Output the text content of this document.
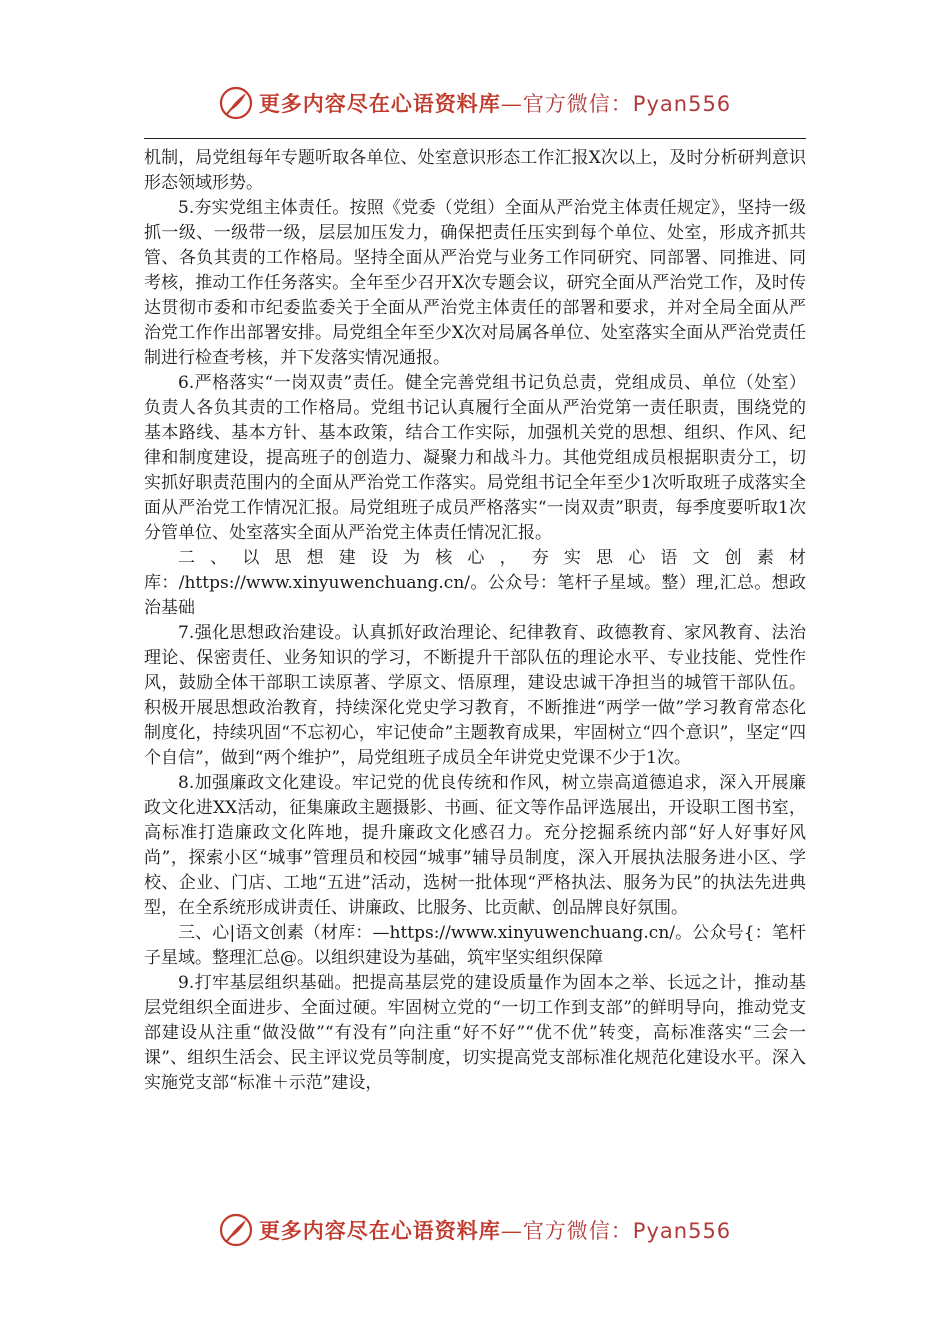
更多内容尽在心语资料库—官方微信：Pyan556

机制，局党组每年专题听取各单位、处室意识形态工作汇报X次以上，及时分析研判意识形态领域形势。

5.夯实党组主体责任。按照《党委（党组）全面从严治党主体责任规定》，坚持一级抓一级、一级带一级，层层加压发力，确保把责任压实到每个单位、处室，形成齐抓共管、各负其责的工作格局。坚持全面从严治党与业务工作同研究、同部署、同推进、同考核，推动工作任务落实。全年至少召开X次专题会议，研究全面从严治党工作，及时传达贯彻市委和市纪委监委关于全面从严治党主体责任的部署和要求，并对全局全面从严治党工作作出部署安排。局党组全年至少X次对局属各单位、处室落实全面从严治党责任制进行检查考核，并下发落实情况通报。

6.严格落实“一岗双责”责任。健全完善党组书记负总责，党组成员、单位（处室）负责人各负其责的工作格局。党组书记认真履行全面从严治党第一责任职责，围绕党的基本路线、基本方针、基本政策，结合工作实际，加强机关党的思想、组织、作风、纪律和制度建设，提高班子的创造力、凝聚力和战斗力。其他党组成员根据职责分工，切实抓好职责范围内的全面从严治党工作落实。局党组书记全年至少1次听取班子成落实全面从严治党工作情况汇报。局党组班子成员严格落实“一岗双责”职责，每季度要听取1次分管单位、处室落实全面从严治党主体责任情况汇报。

二、以思想建设为核心，夯实思心语文创素材库：/https://www.xinyuwenchuang.cn/。公众号：笔杆子星域。整）理,汇总。想政治基础

7.强化思想政治建设。认真抓好政治理论、纪律教育、政德教育、家风教育、法治理论、保密责任、业务知识的学习，不断提升干部队伍的理论水平、专业技能、党性作风，鼓励全体干部职工读原著、学原文、悟原理，建设忠诚干净担当的城管干部队伍。积极开展思想政治教育，持续深化党史学习教育，不断推进“两学一做”学习教育常态化制度化，持续巩固“不忘初心，牢记使命”主题教育成果，牢固树立“四个意识”，坚定“四个自信”，做到“两个维护”，局党组班子成员全年讲党史党课不少于1次。

8.加强廉政文化建设。牢记党的优良传统和作风，树立崇高道德追求，深入开展廉政文化进XX活动，征集廉政主题摄影、书画、征文等作品评选展出，开设职工图书室，高标准打造廉政文化阵地，提升廉政文化感召力。充分挖掘系统内部“好人好事好风尚”，探索小区“城事”管理员和校园“城事”辅导员制度，深入开展执法服务进小区、学校、企业、门店、工地“五进”活动，选树一批体现“严格执法、服务为民”的执法先进典型，在全系统形成讲责任、讲廉政、比服务、比贡献、创品牌良好氛围。

三、心|语文创素（材库：—https://www.xinyuwenchuang.cn/。公众号{：笔杆子星域。整理汇总@。以组织建设为基础，筑牢坚实组织保障

9.打牢基层组织基础。把提高基层党的建设质量作为固本之举、长远之计，推动基层党组织全面进步、全面过硬。牢固树立党的“一切工作到支部”的鲜明导向，推动党支部建设从注重“做没做”“有没有”向注重“好不好”“优不优”转变，高标准落实“三会一课”、组织生活会、民主评议党员等制度，切实提高党支部标准化规范化建设水平。深入实施党支部“标准＋示范”建设，

更多内容尽在心语资料库—官方微信：Pyan556
